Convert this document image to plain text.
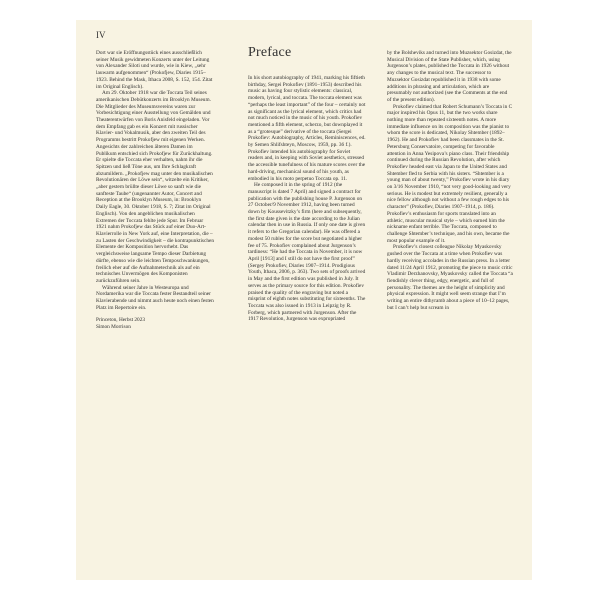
IV

Dort war sie Eröffnungsstück eines ausschließlich seiner Musik gewidmeten Konzerts unter der Leitung von Alexander Siloti und wurde, wie in Kiew, „sehr lauwarm aufgenommen“ (Prokofjew, Diaries 1915–1923. Behind the Mask, Ithaca 2008, S. 152, 154. Zitat im Original Englisch).

Am 29. Oktober 1918 war die Toccata Teil seines amerikanischen Debütkonzerts im Brooklyn Museum. Die Mitglieder des Museumsvereins waren zur Vorbesichtigung einer Ausstellung von Gemälden und Theaterentwürfen von Boris Anisfeld eingeladen. Vor dem Empfang gab es ein Konzert mit russischer Klavier- und Vokalmusik, aber den zweiten Teil des Programms bestritt Prokofjew mit eigenen Werken. Angesichts der zahlreichen älteren Damen im Publikum entschied sich Prokofjew für Zurückhaltung. Er spielte die Toccata eher verhalten, nahm ihr die Spitzen und ließ Töne aus, um Ihre Schlagkraft abzumildern. „Prokofjew mag unter den musikalischen Revolutionären der Löwe sein“, witzelte ein Kritiker, „aber gestern brüllte dieser Löwe so sanft wie die sanfteste Taube“ (ungenannter Autor, Concert and Reception at the Brooklyn Museum, in: Brooklyn Daily Eagle, 30. Oktober 1918, S. 7; Zitat im Original Englisch). Von den angeblichen musikalischen Extremen der Toccata fehlte jede Spur. Im Februar 1921 nahm Prokofjew das Stück auf einer Duo-Art-Klavierrolle in New York auf, eine Interpretation, die – zu Lasten der Geschwindigkeit – die kontrapunktischen Elemente der Komposition hervorhebt. Das vergleichsweise langsame Tempo dieser Darbietung dürfte, ebenso wie die leichten Temposchwankungen, freilich eher auf die Aufnahmetechnik als auf ein technisches Unvermögen des Komponisten zurückzuführen sein.

Während seiner Jahre in Westeuropa und Nordamerika war die Toccata fester Bestandteil seiner Klavierabende und nimmt auch heute noch einen festen Platz im Repertoire ein.

Princeton, Herbst 2023
Simon Morrison
Preface

In his short autobiography of 1941, marking his fiftieth birthday, Sergei Prokofiev (1891–1953) described his music as having four stylistic elements: classical, modern, lyrical, and toccata. The toccata element was “perhaps the least important” of the four – certainly not as significant as the lyrical element, which critics had not much noticed in the music of his youth. Prokofiev mentioned a fifth element, scherzo, but downplayed it as a “grotesque” derivative of the toccata (Sergei Prokofiev: Autobiography, Articles, Reminiscences, ed. by Semen Shlifshteyn, Moscow, 1959, pp. 36 f.). Prokofiev intended his autobiography for Soviet readers and, in keeping with Soviet aesthetics, stressed the accessible tunefulness of his mature scores over the hard-driving, mechanical sound of his youth, as embodied in his moto perpetuo Toccata op. 11.

He composed it in the spring of 1912 (the manuscript is dated 7 April) and signed a contract for publication with the publishing house P. Jurgenson on 27 October/9 November 1912, having been turned down by Koussevitzky’s firm (here and subsequently, the first date given is the date according to the Julian calendar then in use in Russia. If only one date is given it refers to the Gregorian calendar). He was offered a modest 50 rubles for the score but negotiated a higher fee of 75. Prokofiev complained about Jurgenson’s tardiness: “He had the Toccata in November, it is now April [1913] and I still do not have the first proof” (Sergey Prokofiev, Diaries 1907–1914. Prodigious Youth, Ithaca, 2006, p. 363). Two sets of proofs arrived in May and the first edition was published in July. It serves as the primary source for this edition. Prokofiev praised the quality of the engraving but noted a misprint of eighth notes substituting for sixteenths. The Toccata was also issued in 1913 in Leipzig by R. Forberg, which partnered with Jurgenson. After the 1917 Revolution, Jurgenson was expropriated

by the Bolsheviks and turned into Muzsektor Gosizdat, the Musical Division of the State Publisher, which, using Jurgenson’s plates, published the Toccata in 1926 without any changes to the musical text. The successor to Muzsektor Gosizdat republished it in 1938 with some additions in phrasing and articulation, which are presumably not authorized (see the Comments at the end of the present edition).

Prokofiev claimed that Robert Schumann’s Toccata in C major inspired his Opus 11, but the two works share nothing more than repeated sixteenth notes. A more immediate influence on its composition was the pianist to whom the score is dedicated, Nikolay Shtember (1892–1962). He and Prokofiev had been classmates in the St. Petersburg Conservatoire, competing for favorable attention in Anna Yesipova’s piano class. Their friendship continued during the Russian Revolution, after which Prokofiev headed east via Japan to the United States and Shtember fled to Serbia with his sisters. “Shtember is a young man of about twenty,” Prokofiev wrote in his diary on 3/16 November 1910, “not very good-looking and very serious. He is modest but extremely resilient, generally a nice fellow although not without a few rough edges to his character” (Prokofiev, Diaries 1907–1914, p. 186). Prokofiev’s enthusiasm for sports translated into an athletic, muscular musical style – which earned him the nickname enfant terrible. The Toccata, composed to challenge Shtember’s technique, and his own, became the most popular example of it.

Prokofiev’s closest colleague Nikolay Myaskovsky gushed over the Toccata at a time when Prokofiev was hardly receiving accolades in the Russian press. In a letter dated 11/24 April 1912, promoting the piece to music critic Vladimir Derzhanovsky, Myaskovsky called the Toccata “a fiendishly clever thing, edgy, energetic, and full of personality. The themes are the height of simplicity and physical expression. It might well seem strange that I’m writing an entire dithyramb about a piece of 10–12 pages, but I can’t help but scream in
